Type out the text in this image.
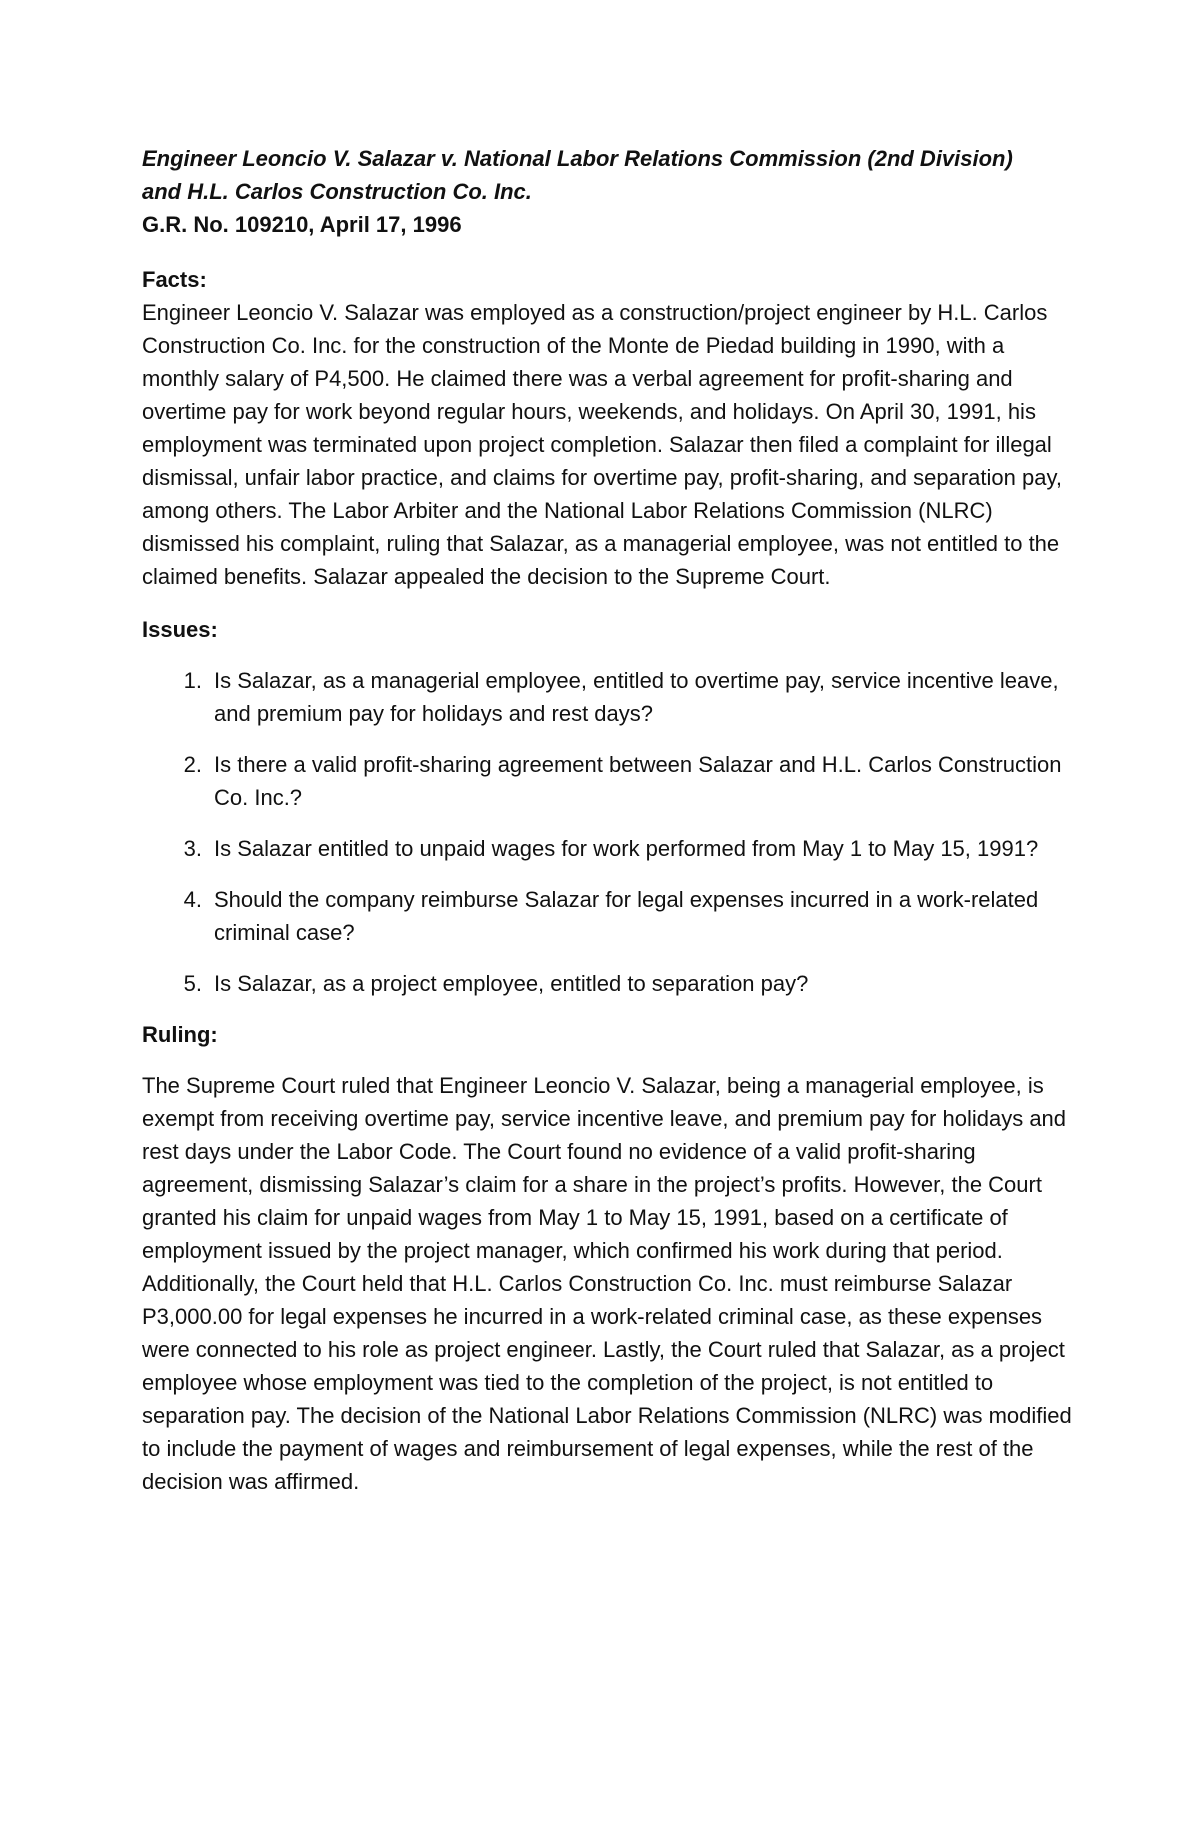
Engineer Leoncio V. Salazar v. National Labor Relations Commission (2nd Division)
and H.L. Carlos Construction Co. Inc.

G.R. No. 109210, April 17, 1996

Facts:

Engineer Leoncio V. Salazar was employed as a construction/project engineer by H.L. Carlos Construction Co. Inc. for the construction of the Monte de Piedad building in 1990, with a monthly salary of P4,500. He claimed there was a verbal agreement for profit-sharing and overtime pay for work beyond regular hours, weekends, and holidays. On April 30, 1991, his employment was terminated upon project completion. Salazar then filed a complaint for illegal dismissal, unfair labor practice, and claims for overtime pay, profit-sharing, and separation pay, among others. The Labor Arbiter and the National Labor Relations Commission (NLRC) dismissed his complaint, ruling that Salazar, as a managerial employee, was not entitled to the claimed benefits. Salazar appealed the decision to the Supreme Court.

Issues:

1. Is Salazar, as a managerial employee, entitled to overtime pay, service incentive leave, and premium pay for holidays and rest days?
2. Is there a valid profit-sharing agreement between Salazar and H.L. Carlos Construction Co. Inc.?
3. Is Salazar entitled to unpaid wages for work performed from May 1 to May 15, 1991?
4. Should the company reimburse Salazar for legal expenses incurred in a work-related criminal case?
5. Is Salazar, as a project employee, entitled to separation pay?

Ruling:

The Supreme Court ruled that Engineer Leoncio V. Salazar, being a managerial employee, is exempt from receiving overtime pay, service incentive leave, and premium pay for holidays and rest days under the Labor Code. The Court found no evidence of a valid profit-sharing agreement, dismissing Salazar’s claim for a share in the project’s profits. However, the Court granted his claim for unpaid wages from May 1 to May 15, 1991, based on a certificate of employment issued by the project manager, which confirmed his work during that period. Additionally, the Court held that H.L. Carlos Construction Co. Inc. must reimburse Salazar P3,000.00 for legal expenses he incurred in a work-related criminal case, as these expenses were connected to his role as project engineer. Lastly, the Court ruled that Salazar, as a project employee whose employment was tied to the completion of the project, is not entitled to separation pay. The decision of the National Labor Relations Commission (NLRC) was modified to include the payment of wages and reimbursement of legal expenses, while the rest of the decision was affirmed.
